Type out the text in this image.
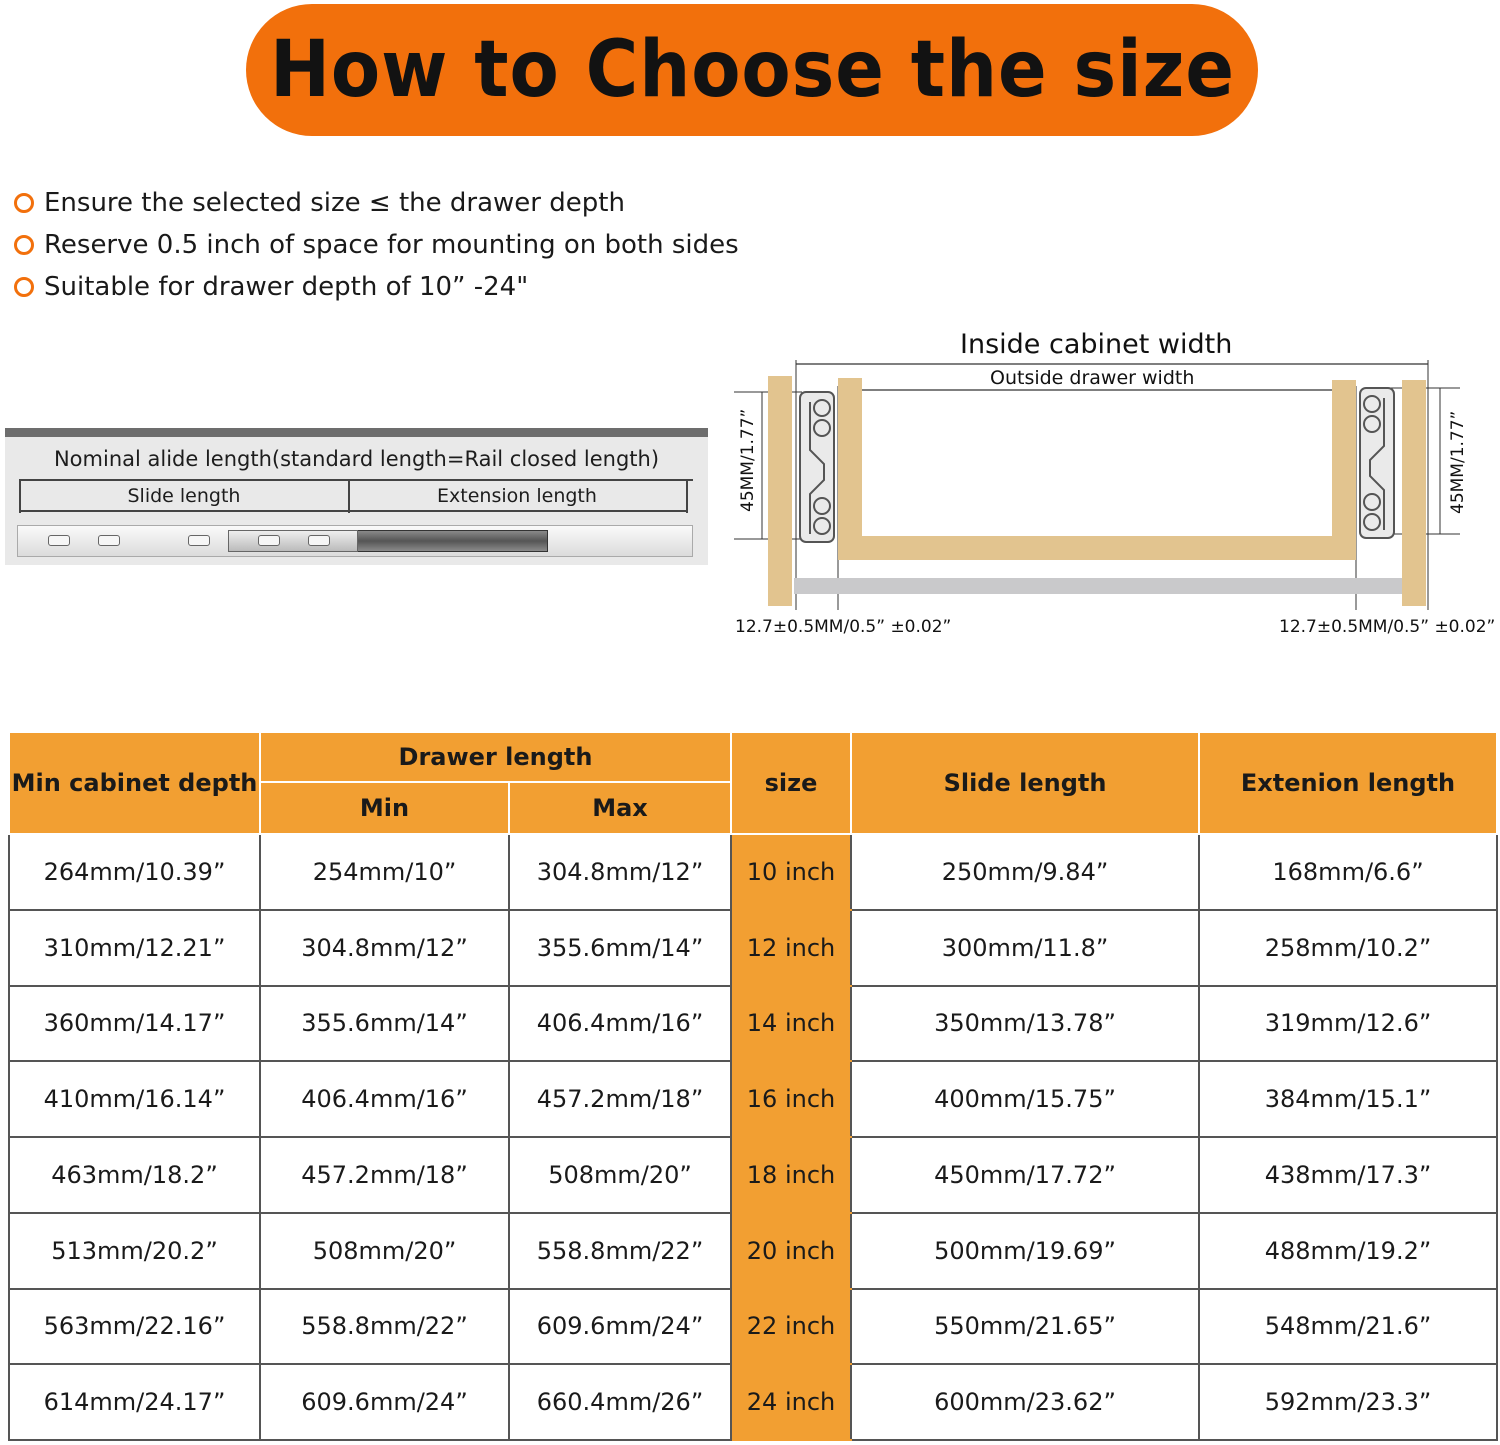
How to Choose the size
Ensure the selected size ≤ the drawer depth
Reserve 0.5 inch of space for mounting on both sides
Suitable for drawer depth of 10” -24"
Nominal alide length(standard length=Rail closed length)
Slide length	Extension length
Inside cabinet width
Outside drawer width
45MM/1.77”	45MM/1.77”
12.7±0.5MM/0.5” ±0.02”	12.7±0.5MM/0.5” ±0.02”
Min cabinet depth	Drawer length		size	Slide length	Extenion length
	Min	Max			
264mm/10.39”	254mm/10”	304.8mm/12”	10 inch	250mm/9.84”	168mm/6.6”
310mm/12.21”	304.8mm/12”	355.6mm/14”	12 inch	300mm/11.8”	258mm/10.2”
360mm/14.17”	355.6mm/14”	406.4mm/16”	14 inch	350mm/13.78”	319mm/12.6”
410mm/16.14”	406.4mm/16”	457.2mm/18”	16 inch	400mm/15.75”	384mm/15.1”
463mm/18.2”	457.2mm/18”	508mm/20”	18 inch	450mm/17.72”	438mm/17.3”
513mm/20.2”	508mm/20”	558.8mm/22”	20 inch	500mm/19.69”	488mm/19.2”
563mm/22.16”	558.8mm/22”	609.6mm/24”	22 inch	550mm/21.65”	548mm/21.6”
614mm/24.17”	609.6mm/24”	660.4mm/26”	24 inch	600mm/23.62”	592mm/23.3”
